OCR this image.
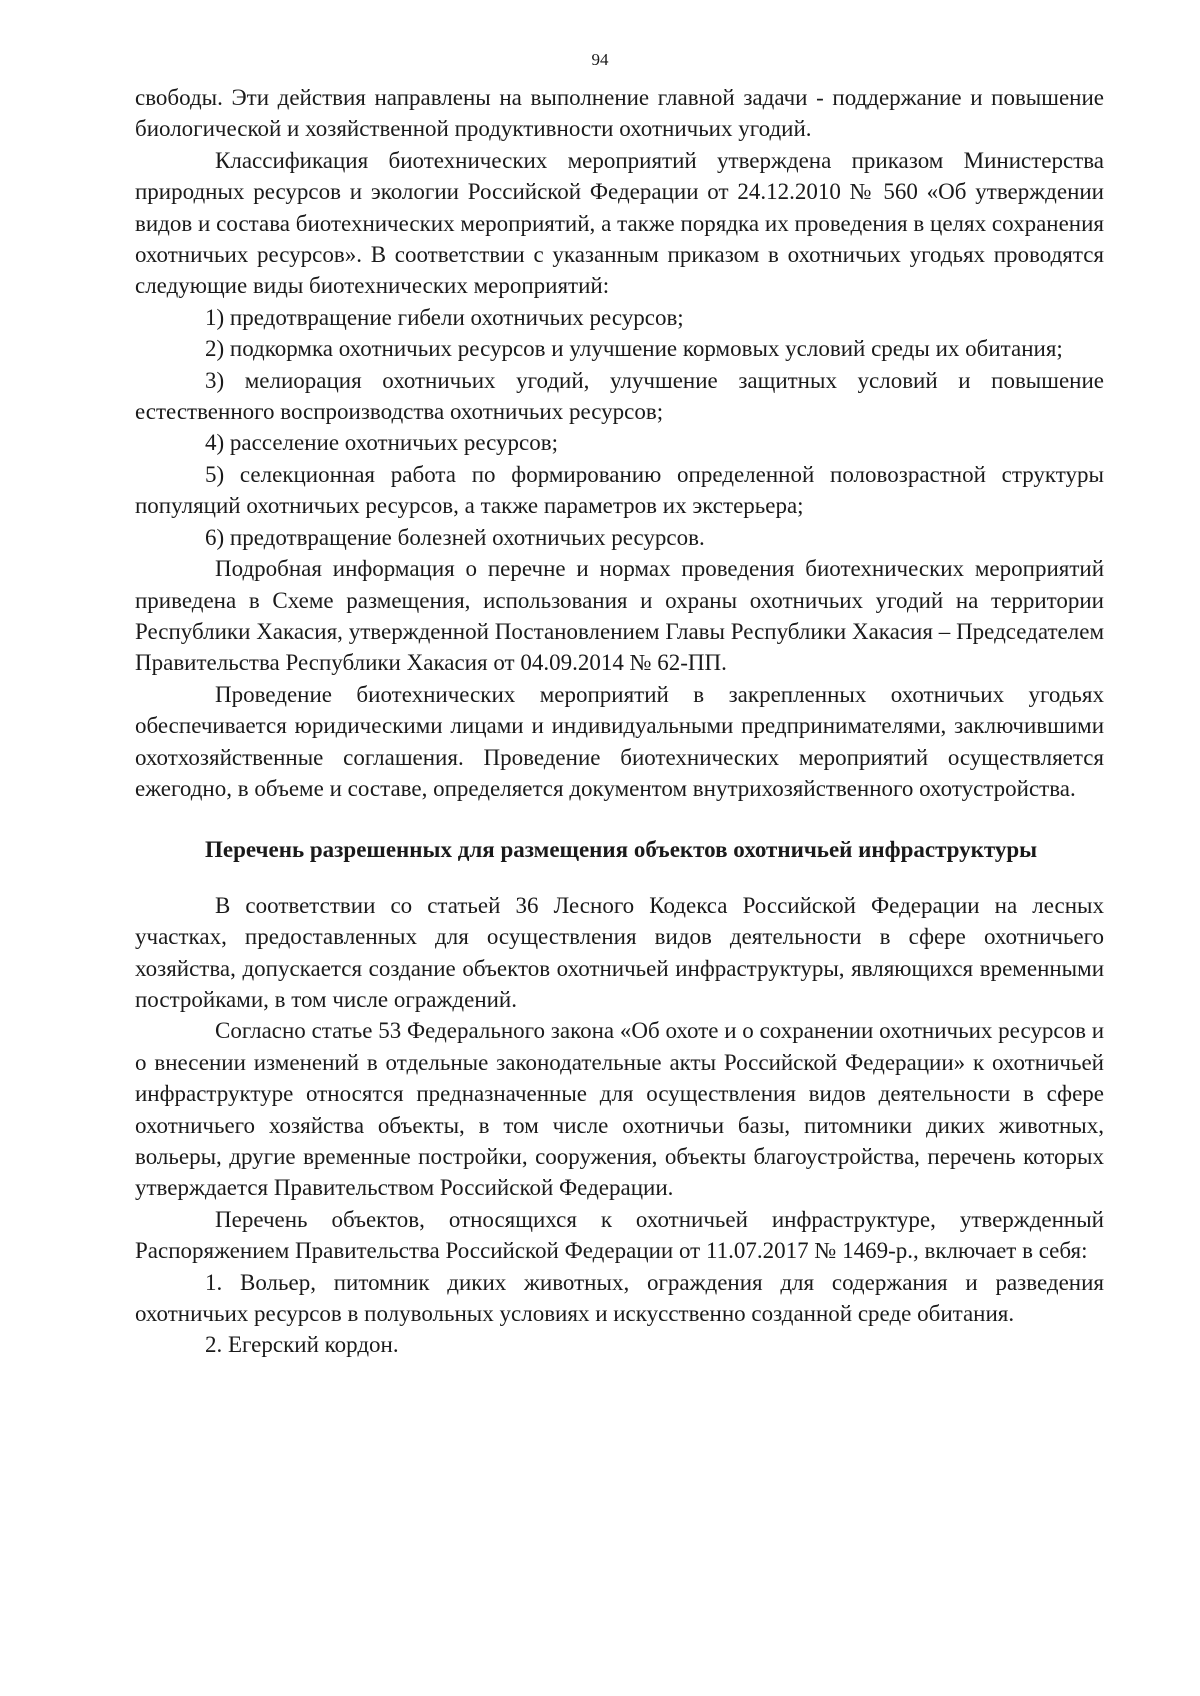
94

свободы. Эти действия направлены на выполнение главной задачи - поддержание и повышение биологической и хозяйственной продуктивности охотничьих угодий.

Классификация биотехнических мероприятий утверждена приказом Министерства природных ресурсов и экологии Российской Федерации от 24.12.2010 № 560 «Об утверждении видов и состава биотехнических мероприятий, а также порядка их проведения в целях сохранения охотничьих ресурсов». В соответствии с указанным приказом в охотничьих угодьях проводятся следующие виды биотехнических мероприятий:

1) предотвращение гибели охотничьих ресурсов;

2) подкормка охотничьих ресурсов и улучшение кормовых условий среды их обитания;

3) мелиорация охотничьих угодий, улучшение защитных условий и повышение естественного воспроизводства охотничьих ресурсов;

4) расселение охотничьих ресурсов;

5) селекционная работа по формированию определенной половозрастной структуры популяций охотничьих ресурсов, а также параметров их экстерьера;

6) предотвращение болезней охотничьих ресурсов.

Подробная информация о перечне и нормах проведения биотехнических мероприятий приведена в Схеме размещения, использования и охраны охотничьих угодий на территории Республики Хакасия, утвержденной Постановлением Главы Республики Хакасия – Председателем Правительства Республики Хакасия от 04.09.2014 № 62-ПП.

Проведение биотехнических мероприятий в закрепленных охотничьих угодьях обеспечивается юридическими лицами и индивидуальными предпринимателями, заключившими охотхозяйственные соглашения. Проведение биотехнических мероприятий осуществляется ежегодно, в объеме и составе, определяется документом внутрихозяйственного охотустройства.

Перечень разрешенных для размещения объектов охотничьей инфраструктуры

В соответствии со статьей 36 Лесного Кодекса Российской Федерации на лесных участках, предоставленных для осуществления видов деятельности в сфере охотничьего хозяйства, допускается создание объектов охотничьей инфраструктуры, являющихся временными постройками, в том числе ограждений.

Согласно статье 53 Федерального закона «Об охоте и о сохранении охотничьих ресурсов и о внесении изменений в отдельные законодательные акты Российской Федерации» к охотничьей инфраструктуре относятся предназначенные для осуществления видов деятельности в сфере охотничьего хозяйства объекты, в том числе охотничьи базы, питомники диких животных, вольеры, другие временные постройки, сооружения, объекты благоустройства, перечень которых утверждается Правительством Российской Федерации.

Перечень объектов, относящихся к охотничьей инфраструктуре, утвержденный Распоряжением Правительства Российской Федерации от 11.07.2017 № 1469-р., включает в себя:

1. Вольер, питомник диких животных, ограждения для содержания и разведения охотничьих ресурсов в полувольных условиях и искусственно созданной среде обитания.

2. Егерский кордон.
